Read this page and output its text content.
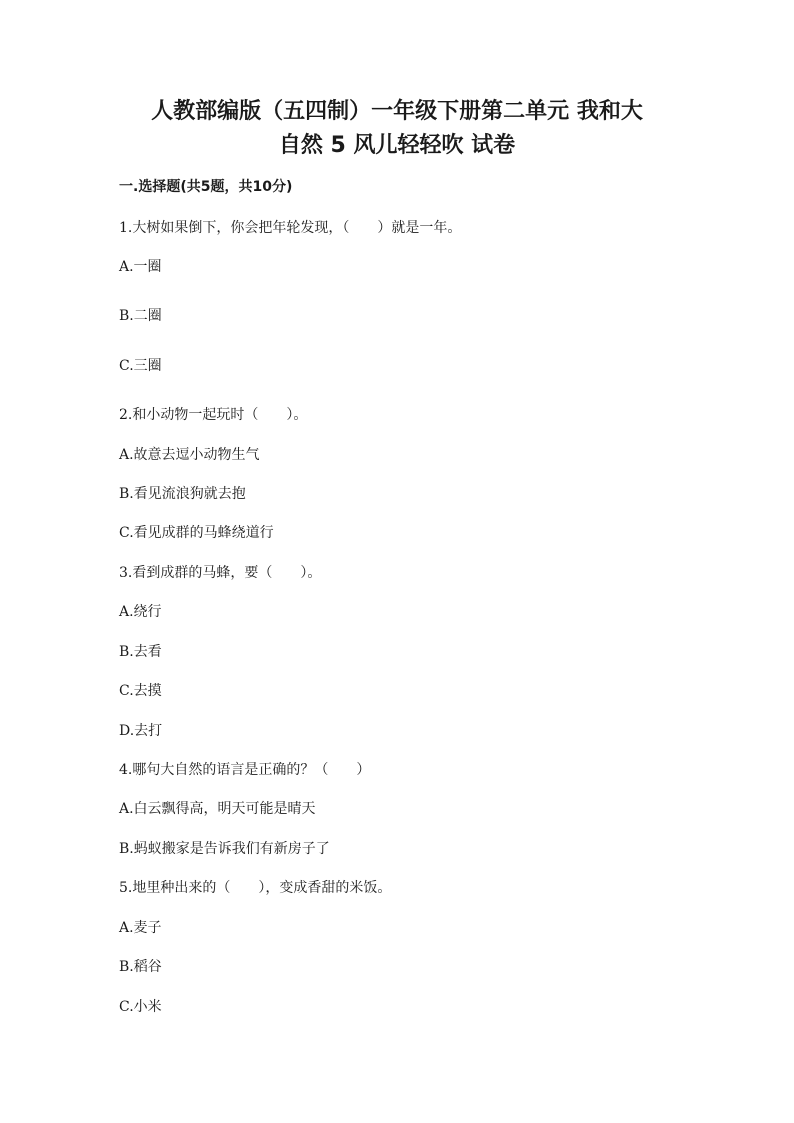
人教部编版（五四制）一年级下册第二单元 我和大
自然 5 风儿轻轻吹 试卷

一.选择题(共5题，共10分)

1.大树如果倒下，你会把年轮发现，（　　）就是一年。

A.一圈

B.二圈

C.三圈

2.和小动物一起玩时（　　）。

A.故意去逗小动物生气

B.看见流浪狗就去抱

C.看见成群的马蜂绕道行

3.看到成群的马蜂，要（　　）。

A.绕行

B.去看

C.去摸

D.去打

4.哪句大自然的语言是正确的？（　　）

A.白云飘得高，明天可能是晴天

B.蚂蚁搬家是告诉我们有新房子了

5.地里种出来的（　　），变成香甜的米饭。

A.麦子

B.稻谷

C.小米
